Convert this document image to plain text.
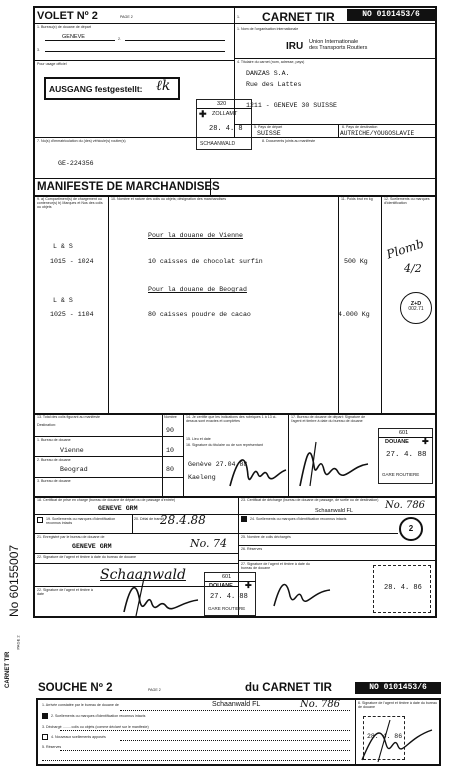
VOLET Nº 2	PAGE 2	1. CARNET TIR	NO 0101453/6
1. Bureau(x) de douane de départ
GENEVE	2.
3.
1. Nom de l'organisation internationale
IRU Union Internationale
des Transports Routiers
Pour usage officiel
AUSGANG festgestellt: ℓk
4. Titulaire du carnet (nom, adresse, pays)
DANZAS S.A.
Rue des Lattes
1211 - GENEVE 30 SUISSE
320
✚ ZOLLAMT
28. 4. 8
SCHAANWALD
5. Pays de départ
SUISSE
6. Pays de destination
AUTRICHE/YOUGOSLAVIE
7. No(s) d'immatriculation du (des) véhicule(s) routier(s)	8. Documents joints au manifeste
GE-224356
MANIFESTE DE MARCHANDISES
9. a) Compartiment(s) de chargement ou conteneur(s) b) Marques et Nos des colis ou objets
10. Nombre et nature des colis ou objets; désignation des marchandises	11. Poids brut en kg	12. Scellements ou marques d'identification
Pour la douane de Vienne
L & S
1015 - 1024	10 caisses de chocolat surfin	500 Kg
Pour la douane de Beograd
L & S
1025 - 1104	80 caisses poudre de cacao	4.000 Kg
Plomb
4/2
Z+D
002.71
13. Total des colis figurant au manifeste
Destination:
Nombre
90
1. Bureau de douane
Vienne	10
2. Bureau de douane
Beograd	80
3. Bureau de douane
14. Je certifie que les indications des rubriques 1 à 13 ci-dessus sont exactes et complètes
15. Lieu et date
16. Signature du titulaire ou de son représentant
Genève 27.04.88
Kaeleng
17. Bureau de douane de départ: Signature de l'agent et timbre à date du bureau de douane
601
DOUANE ✚
27. 4. 88
GARE ROUTIERE
18. Certificat de prise en charge (bureau de douane de départ ou de passage d'entrée)
GENEVE GRM
19. Scellements ou marques d'identification reconnus intacts
20. Délai de transit
28.4.88
21. Enregistré par le bureau de douane de
GENEVE GRM	No. 74
22. Signature de l'agent et timbre à date du bureau de douane
Schaanwald
22. Signature de l'agent et timbre à date
601
DOUANE ✚
27. 4. 88
GARE ROUTIERE
23. Certificat de décharge (bureau de douane de passage, de sortie ou de destination)
Schaanwald FL	No. 786
24. Scellements ou marques d'identification reconnus intacts
2
25. Nombre de colis déchargés
26. Réserves
27. Signature de l'agent et timbre à date du bureau de douane
28. 4. 86
CARNET TIR
PAGE 2
No 60155007
SOUCHE Nº 2	PAGE 2	du CARNET TIR	NO 0101453/6
1. Arrivée constatée par le bureau de douane de	Schaanwald FL	No. 786
2. Scellements ou marques d'identification reconnus intacts
3. Déchargé ........ colis ou objets (comme déclaré sur le manifeste)
4. Nouveaux scellements apposés
5. Réserves
6. Signature de l'agent et timbre à date du bureau de douane
28. 4. 86
